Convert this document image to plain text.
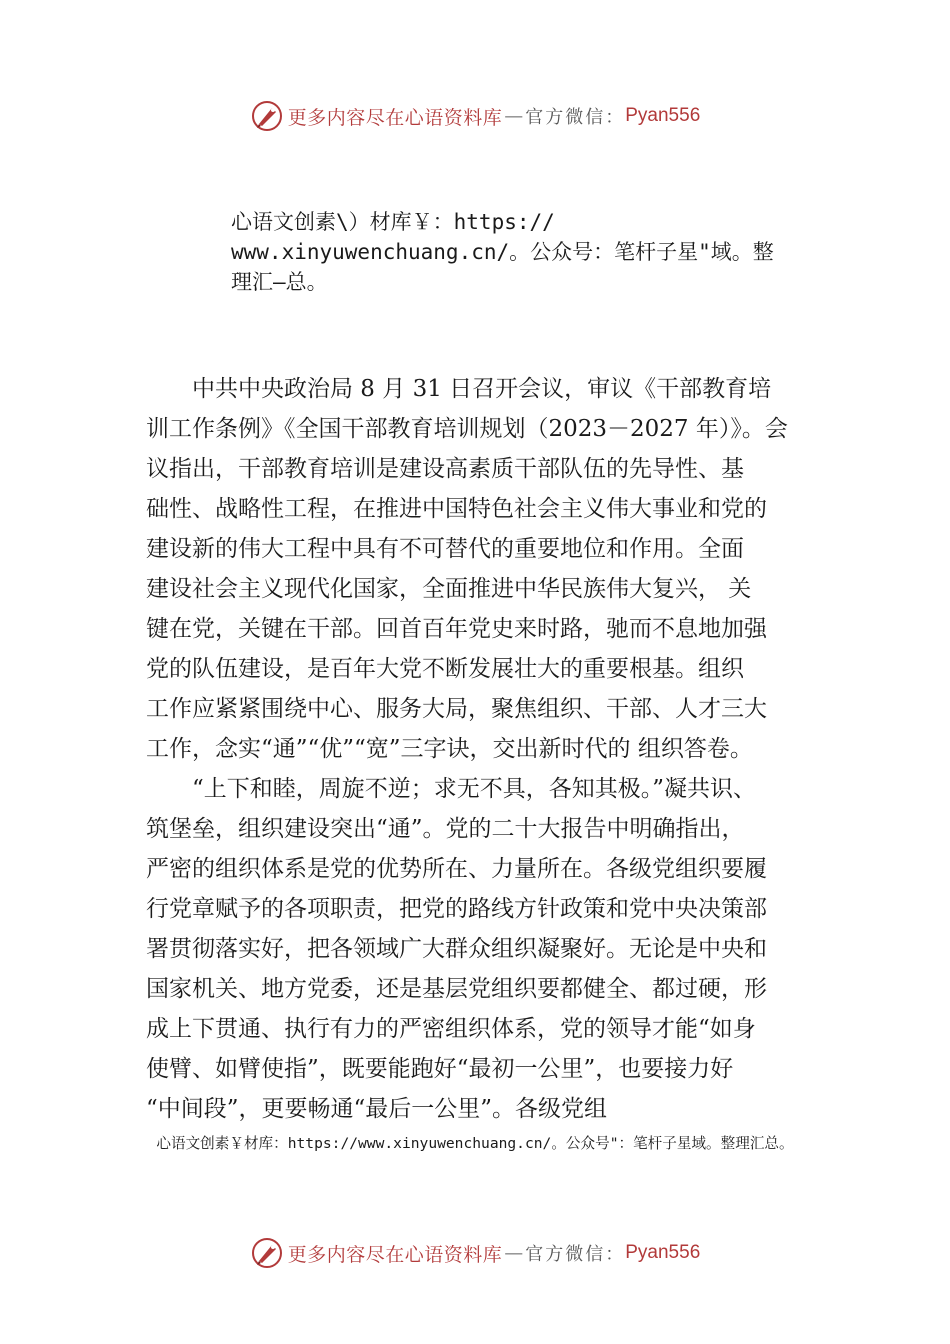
更多内容尽在心语资料库 — 官方微信： Pyan556

心语文创素\）材库￥：https://

www.xinyuwenchuang.cn/。公众号：笔杆子星"域。整

理汇—总。

　　中共中央政治局 8 月 31 日召开会议，审议《干部教育培

训工作条例》《全国干部教育培训规划（2023－2027 年）》。会

议指出，干部教育培训是建设高素质干部队伍的先导性、基

础性、战略性工程，在推进中国特色社会主义伟大事业和党的

建设新的伟大工程中具有不可替代的重要地位和作用。全面

建设社会主义现代化国家，全面推进中华民族伟大复兴， 关

键在党，关键在干部。回首百年党史来时路，驰而不息地加强

党的队伍建设，是百年大党不断发展壮大的重要根基。组织

工作应紧紧围绕中心、服务大局，聚焦组织、干部、人才三大

工作，念实“通”“优”“宽”三字诀，交出新时代的 组织答卷。

　　“上下和睦，周旋不逆；求无不具，各知其极。”凝共识、

筑堡垒，组织建设突出“通”。党的二十大报告中明确指出，

严密的组织体系是党的优势所在、力量所在。各级党组织要履

行党章赋予的各项职责，把党的路线方针政策和党中央决策部

署贯彻落实好，把各领域广大群众组织凝聚好。无论是中央和

国家机关、地方党委，还是基层党组织要都健全、都过硬，形

成上下贯通、执行有力的严密组织体系，党的领导才能“如身

使臂、如臂使指”，既要能跑好“最初一公里”，也要接力好

“中间段”，更要畅通“最后一公里”。各级党组

心语文创素￥材库：https://www.xinyuwenchuang.cn/。公众号"：笔杆子星域。整理汇总。
更多内容尽在心语资料库 — 官方微信： Pyan556
